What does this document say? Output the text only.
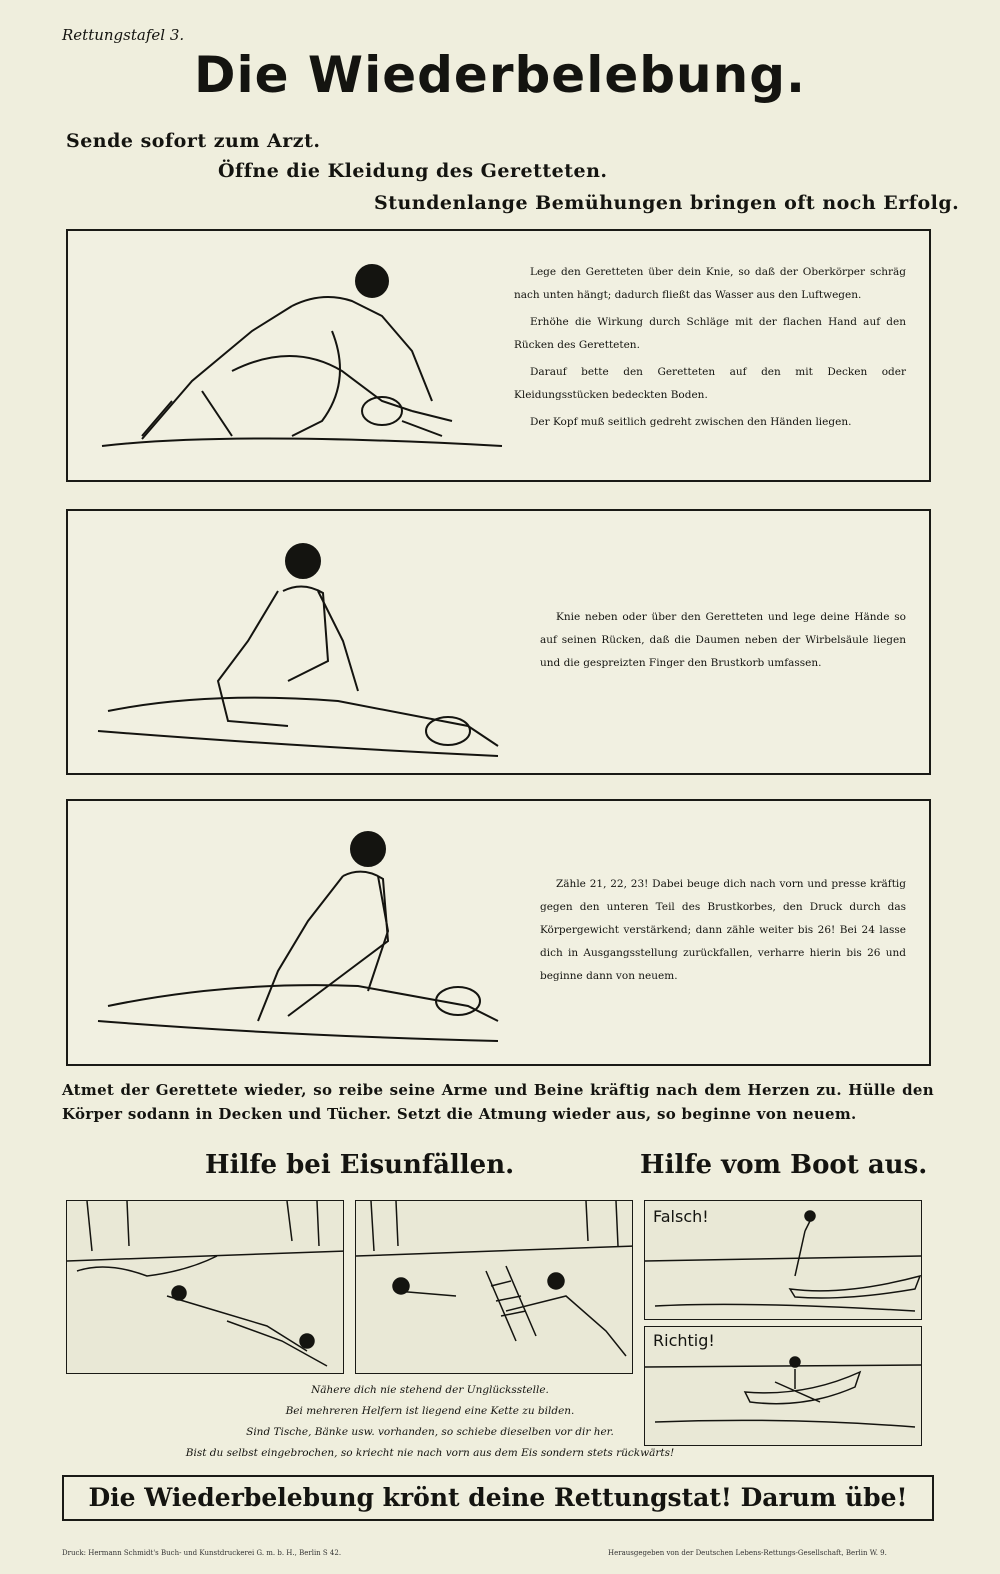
Rettungstafel 3.
Die Wiederbelebung.
Sende sofort zum Arzt.
Öffne die Kleidung des Geretteten.
Stundenlange Bemühungen bringen oft noch Erfolg.

Lege den Geretteten über dein Knie, so daß der Oberkörper schräg nach unten hängt; dadurch fließt das Wasser aus den Luftwegen.

Erhöhe die Wirkung durch Schläge mit der flachen Hand auf den Rücken des Geretteten.

Darauf bette den Geretteten auf den mit Decken oder Kleidungsstücken bedeckten Boden.

Der Kopf muß seitlich gedreht zwischen den Händen liegen.

Knie neben oder über den Geretteten und lege deine Hände so auf seinen Rücken, daß die Daumen neben der Wirbelsäule liegen und die gespreizten Finger den Brustkorb umfassen.

Zähle 21, 22, 23! Dabei beuge dich nach vorn und presse kräftig gegen den unteren Teil des Brustkorbes, den Druck durch das Körpergewicht verstärkend; dann zähle weiter bis 26! Bei 24 lasse dich in Ausgangsstellung zurückfallen, verharre hierin bis 26 und beginne dann von neuem.

Atmet der Gerettete wieder, so reibe seine Arme und Beine kräftig nach dem Herzen zu. Hülle den Körper sodann in Decken und Tücher. Setzt die Atmung wieder aus, so beginne von neuem.
Hilfe bei Eisunfällen.	Hilfe vom Boot aus.
Falsch!
Richtig!
Nähere dich nie stehend der Unglücksstelle.
Bei mehreren Helfern ist liegend eine Kette zu bilden.
Sind Tische, Bänke usw. vorhanden, so schiebe dieselben vor dir her.
Bist du selbst eingebrochen, so kriecht nie nach vorn aus dem Eis sondern stets rückwärts!
Die Wiederbelebung krönt deine Rettungstat! Darum übe!
Druck: Hermann Schmidt's Buch- und Kunstdruckerei G. m. b. H., Berlin S 42.	Herausgegeben von der Deutschen Lebens-Rettungs-Gesellschaft, Berlin W. 9.
